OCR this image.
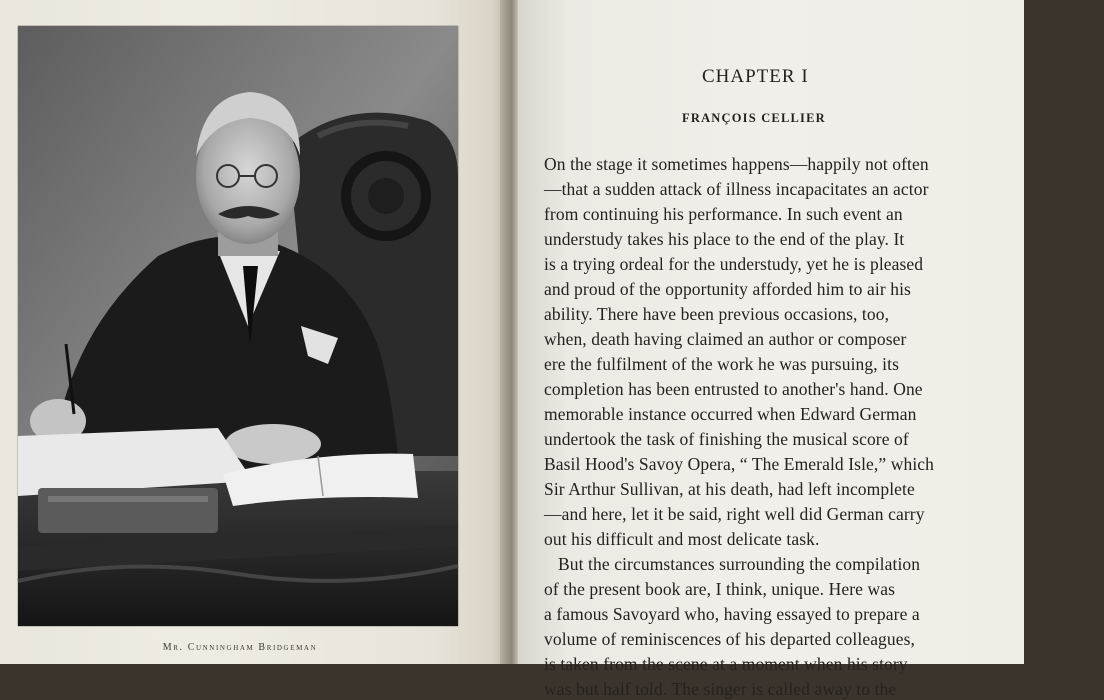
Mr. Cunningham Bridgeman
CHAPTER I
FRANÇOIS CELLIER
On the stage it sometimes happens—happily not often
—that a sudden attack of illness incapacitates an actor
from continuing his performance. In such event an
understudy takes his place to the end of the play. It
is a trying ordeal for the understudy, yet he is pleased
and proud of the opportunity afforded him to air his
ability. There have been previous occasions, too,
when, death having claimed an author or composer
ere the fulfilment of the work he was pursuing, its
completion has been entrusted to another's hand. One
memorable instance occurred when Edward German
undertook the task of finishing the musical score of
Basil Hood's Savoy Opera, “ The Emerald Isle,” which
Sir Arthur Sullivan, at his death, had left incomplete
—and here, let it be said, right well did German carry
out his difficult and most delicate task.
But the circumstances surrounding the compilation
of the present book are, I think, unique. Here was
a famous Savoyard who, having essayed to prepare a
volume of reminiscences of his departed colleagues,
is taken from the scene at a moment when his story
was but half told. The singer is called away to the
